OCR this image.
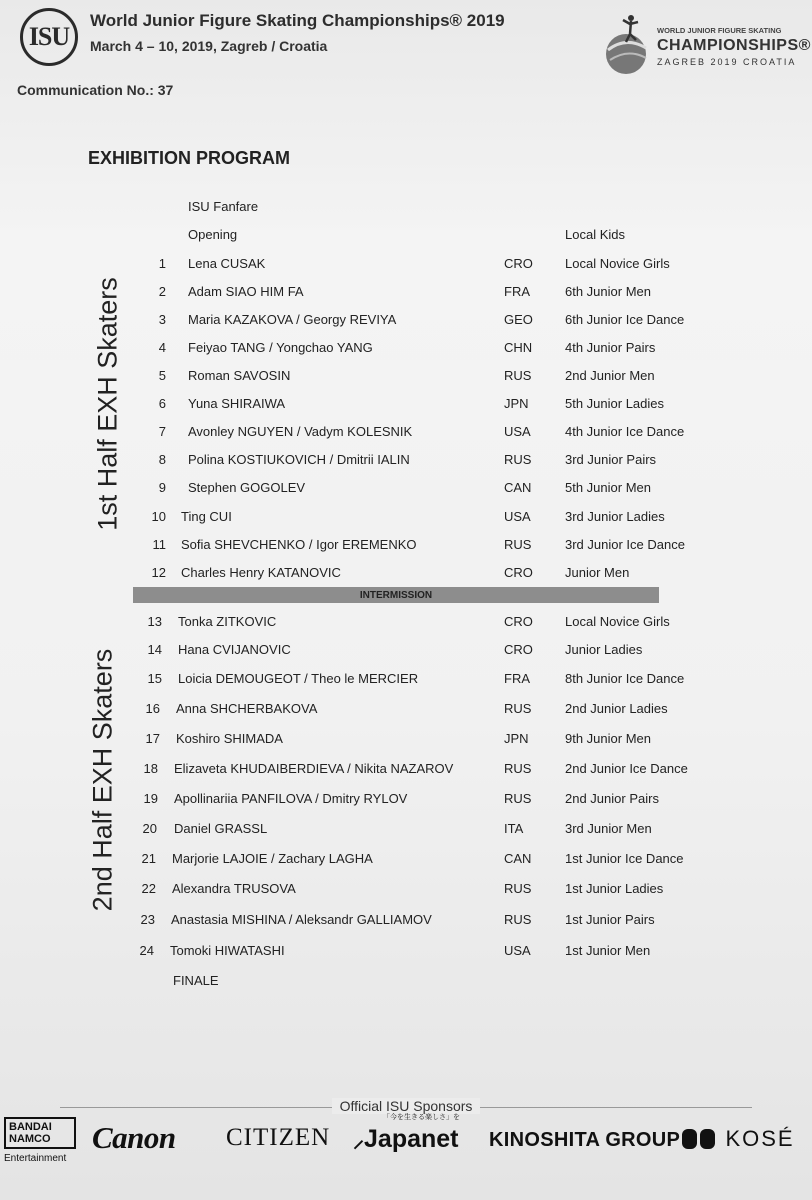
ISU
World Junior Figure Skating Championships® 2019
March 4 – 10, 2019, Zagreb / Croatia
WORLD JUNIOR FIGURE SKATING
CHAMPIONSHIPS®
ZAGREB 2019 CROATIA
Communication No.: 37
EXHIBITION PROGRAM
1st Half EXH Skaters
2nd Half EXH Skaters
ISU Fanfare
Opening	Local Kids
1 Lena CUSAK	CRO Local Novice Girls
2 Adam SIAO HIM FA	FRA	6th Junior Men
3 Maria KAZAKOVA / Georgy REVIYA	GEO 6th Junior Ice Dance
4 Feiyao TANG / Yongchao YANG	CHN	4th Junior Pairs
5 Roman SAVOSIN	RUS	2nd Junior Men
6 Yuna SHIRAIWA	JPN	5th Junior Ladies
7 Avonley NGUYEN / Vadym KOLESNIK	USA	4th Junior Ice Dance
8 Polina KOSTIUKOVICH / Dmitrii IALIN	RUS	3rd Junior Pairs
9 Stephen GOGOLEV	CAN	5th Junior Men
10 Ting CUI	USA	3rd Junior Ladies
11 Sofia SHEVCHENKO / Igor EREMENKO	RUS	3rd Junior Ice Dance
12 Charles Henry KATANOVIC	CRO Junior Men
INTERMISSION
13 Tonka ZITKOVIC	CRO Local Novice Girls
14 Hana CVIJANOVIC	CRO Junior Ladies
15 Loicia DEMOUGEOT / Theo le MERCIER	FRA	8th Junior Ice Dance
16 Anna SHCHERBAKOVA	RUS	2nd Junior Ladies
17 Koshiro SHIMADA	JPN	9th Junior Men
18 Elizaveta KHUDAIBERDIEVA / Nikita NAZAROV	RUS	2nd Junior Ice Dance
19 Apollinariia PANFILOVA / Dmitry RYLOV	RUS	2nd Junior Pairs
20 Daniel GRASSL	ITA	3rd Junior Men
21 Marjorie LAJOIE / Zachary LAGHA	CAN	1st Junior Ice Dance
22 Alexandra TRUSOVA	RUS	1st Junior Ladies
23 Anastasia MISHINA / Aleksandr GALLIAMOV	RUS	1st Junior Pairs
24 Tomoki HIWATASHI	USA	1st Junior Men
FINALE
Official ISU Sponsors
BANDAI
NAMCO
Entertainment
Canon CITIZEN
「今を生きる楽しさ」を
⸝Japanet	KINOSHITA GROUP	KOSÉ
